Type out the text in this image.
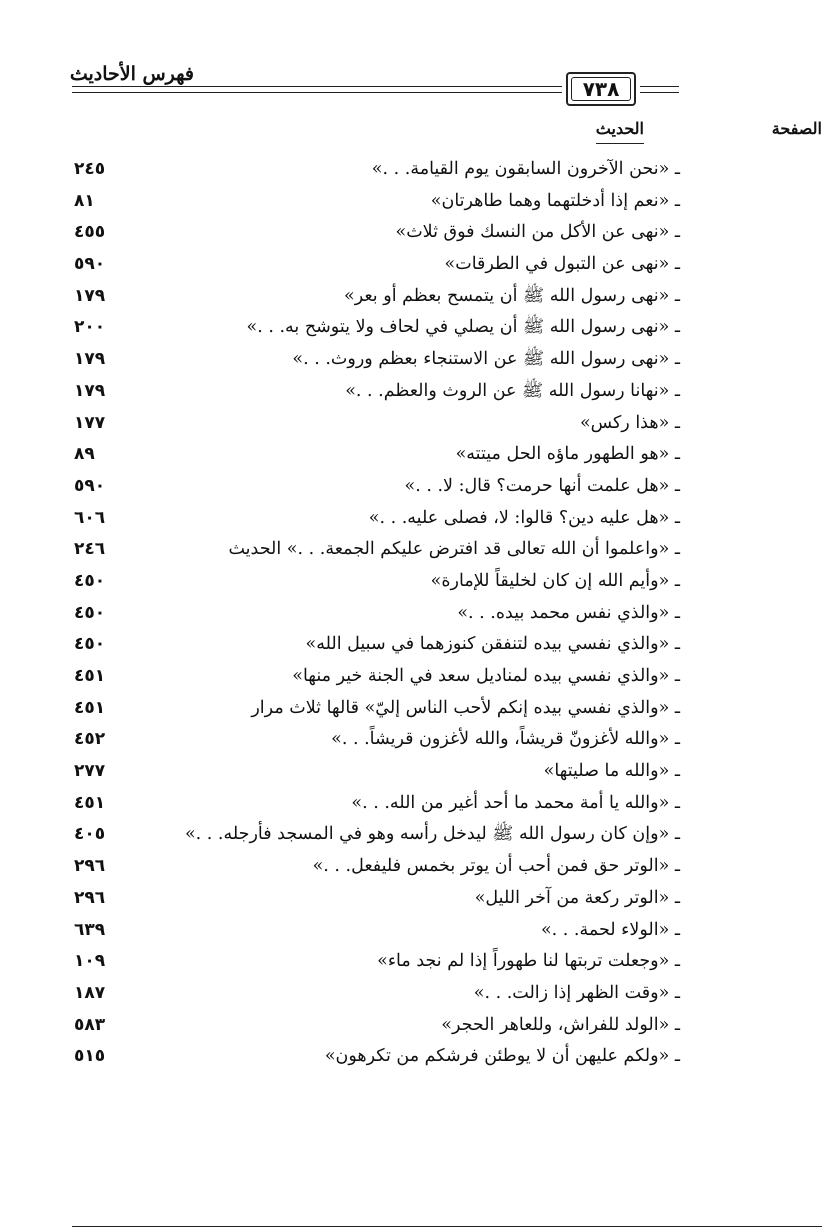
فهرس الأحاديث
٧٣٨
الحديث	الصفحة
ـ «نحن الآخرون السابقون يوم القيامة. . .»
٢٤٥
ـ «نعم إذا أدخلتهما وهما طاهرتان»
٨١
ـ «نهى عن الأكل من النسك فوق ثلاث»
٤٥٥
ـ «نهى عن التبول في الطرقات»
٥٩٠
ـ «نهى رسول الله ﷺ أن يتمسح بعظم أو بعر»
١٧٩
ـ «نهى رسول الله ﷺ أن يصلي في لحاف ولا يتوشح به. . .»
٢٠٠
ـ «نهى رسول الله ﷺ عن الاستنجاء بعظم وروث. . .»
١٧٩
ـ «نهانا رسول الله ﷺ عن الروث والعظم. . .»
١٧٩
ـ «هذا ركس»
١٧٧
ـ «هو الطهور ماؤه الحل ميتته»
٨٩
ـ «هل علمت أنها حرمت؟ قال: لا. . .»
٥٩٠
ـ «هل عليه دين؟ قالوا: لا، فصلى عليه. . .»
٦٠٦
ـ «واعلموا أن الله تعالى قد افترض عليكم الجمعة. . .» الحديث
٢٤٦
ـ «وأيم الله إن كان لخليقاً للإمارة»
٤٥٠
ـ «والذي نفس محمد بيده. . .»
٤٥٠
ـ «والذي نفسي بيده لتنفقن كنوزهما في سبيل الله»
٤٥٠
ـ «والذي نفسي بيده لمناديل سعد في الجنة خير منها»
٤٥١
ـ «والذي نفسي بيده إنكم لأحب الناس إليّ» قالها ثلاث مرار
٤٥١
ـ «والله لأغزونّ قريشاً، والله لأغزون قريشاً. . .»
٤٥٢
ـ «والله ما صليتها»
٢٧٧
ـ «والله يا أمة محمد ما أحد أغير من الله. . .»
٤٥١
ـ «وإن كان رسول الله ﷺ ليدخل رأسه وهو في المسجد فأرجله. . .»
٤٠٥
ـ «الوتر حق فمن أحب أن يوتر بخمس فليفعل. . .»
٢٩٦
ـ «الوتر ركعة من آخر الليل»
٢٩٦
ـ «الولاء لحمة. . .»
٦٣٩
ـ «وجعلت تربتها لنا طهوراً إذا لم نجد ماء»
١٠٩
ـ «وقت الظهر إذا زالت. . .»
١٨٧
ـ «الولد للفراش، وللعاهر الحجر»
٥٨٣
ـ «ولكم عليهن أن لا يوطئن فرشكم من تكرهون»
٥١٥
